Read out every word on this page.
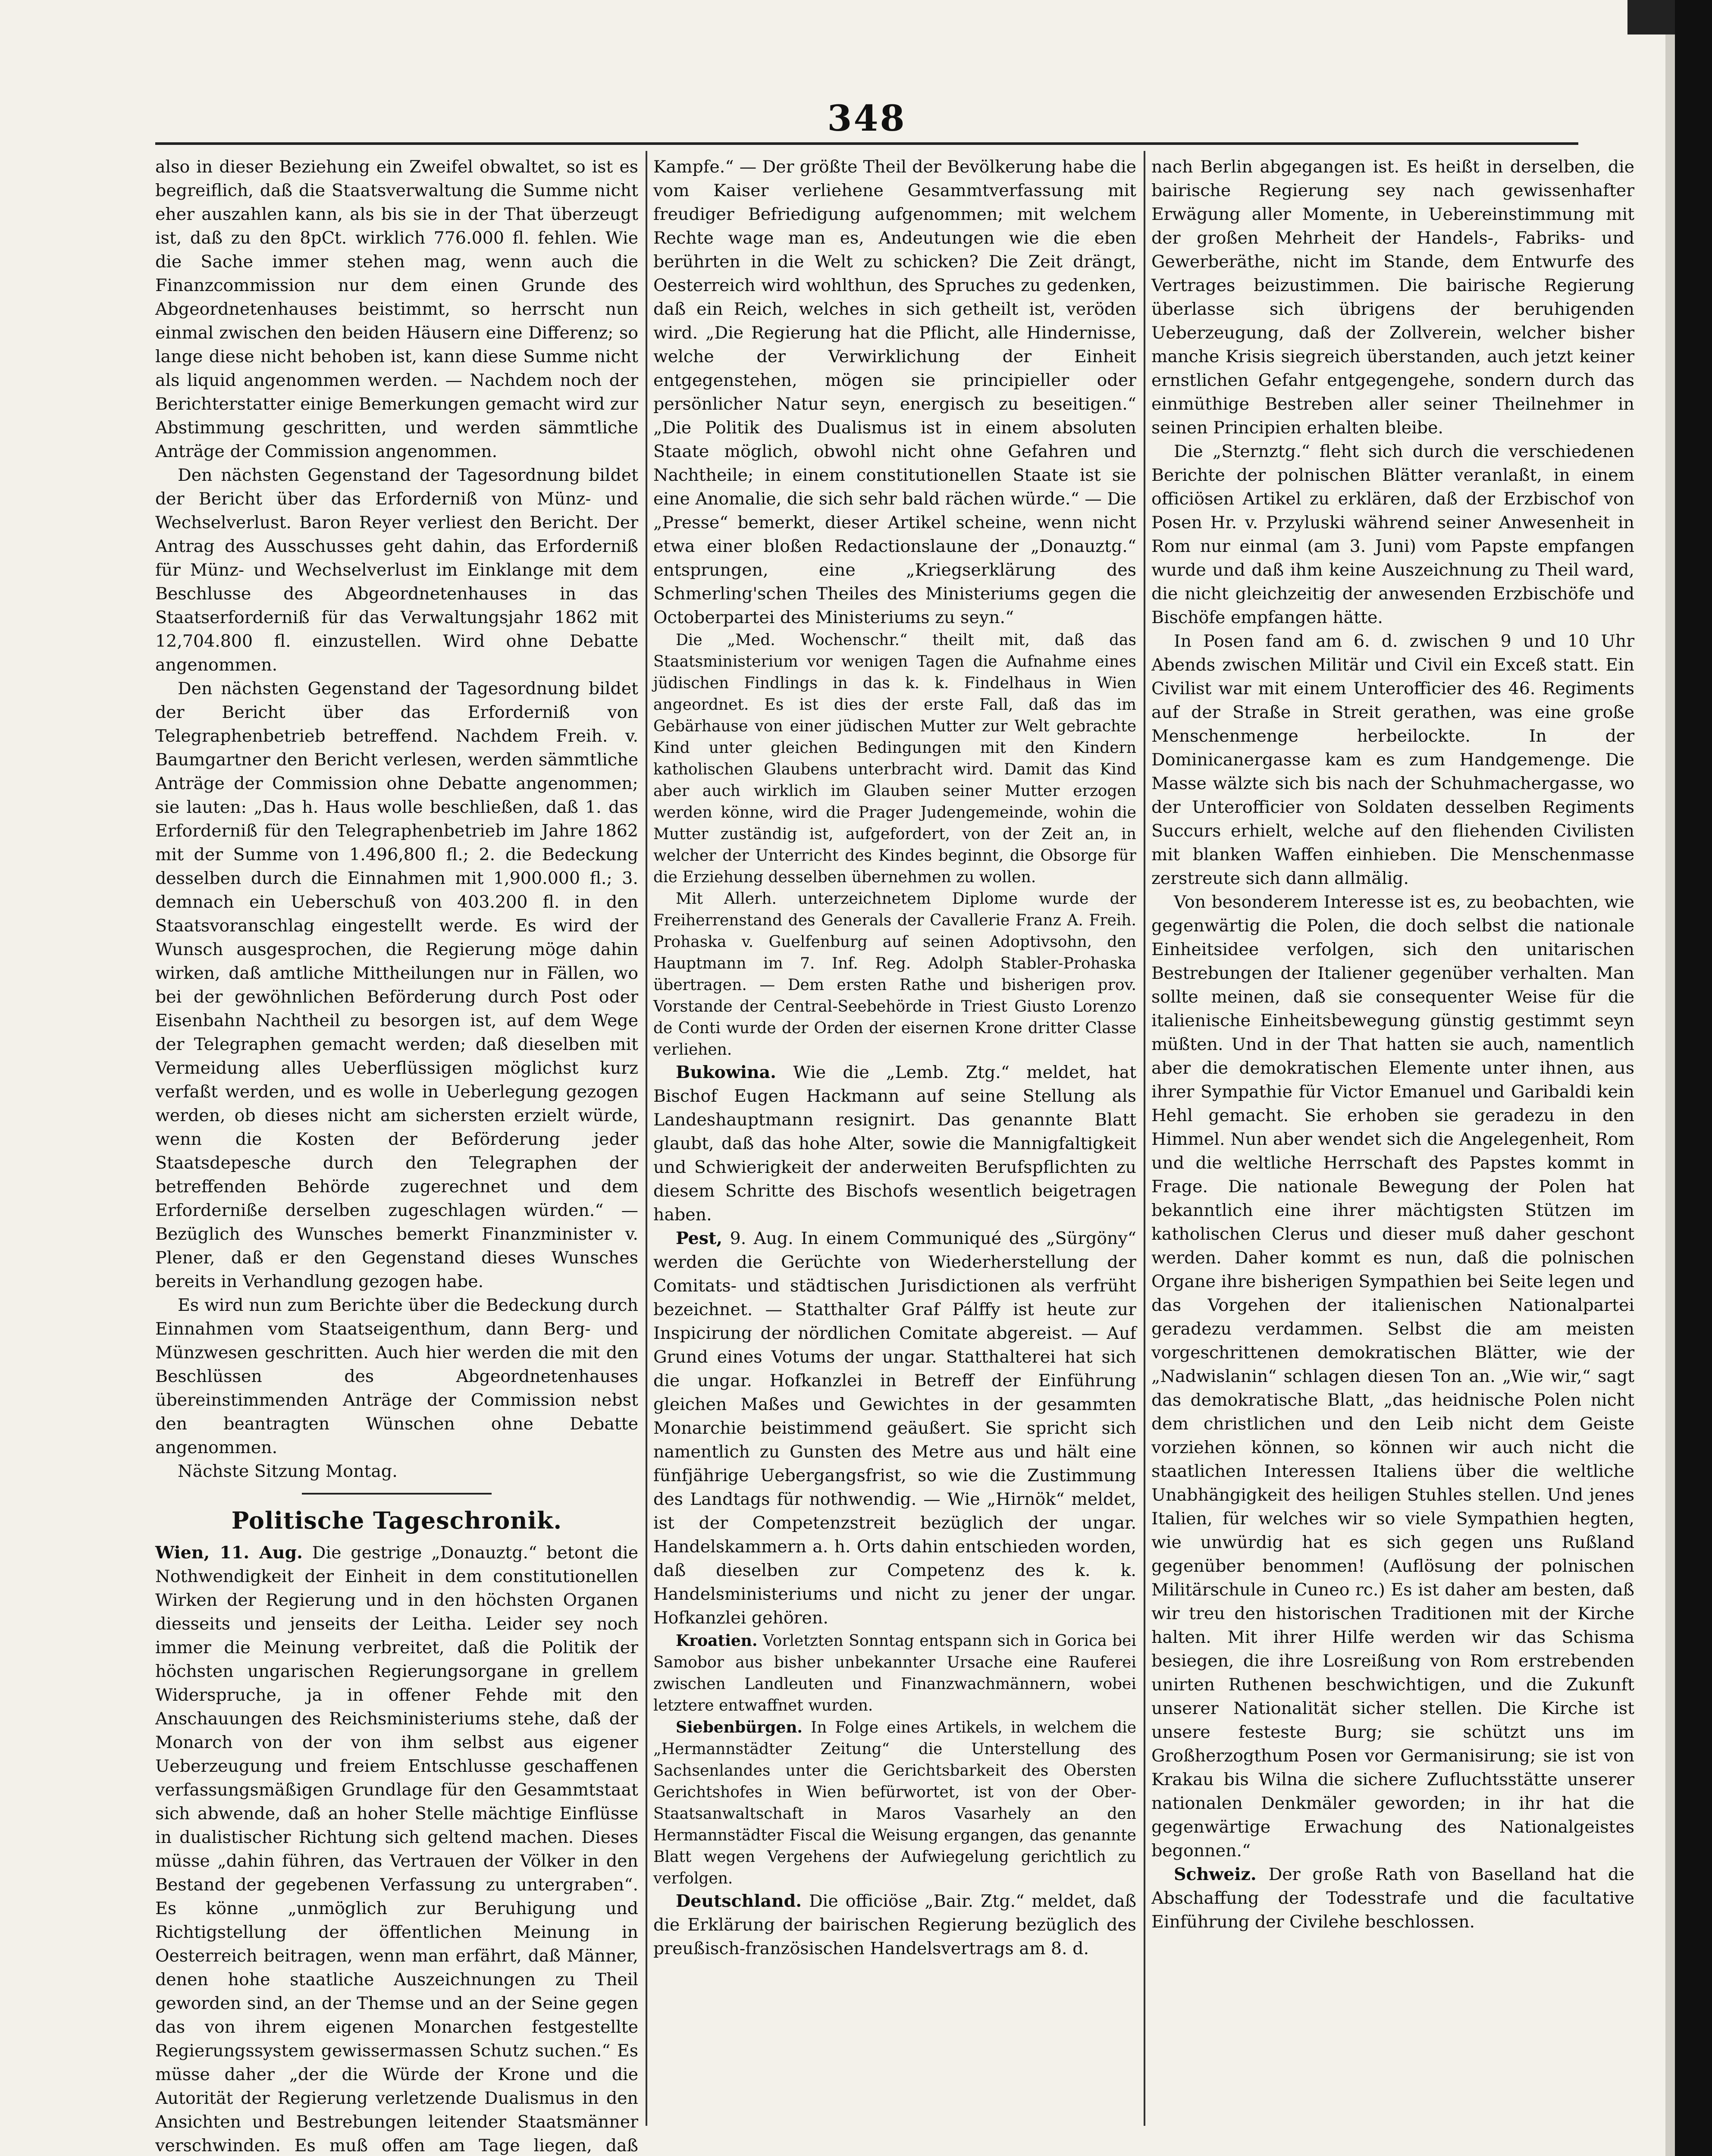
348

also in dieser Beziehung ein Zweifel obwaltet, so ist es begreiflich, daß die Staatsverwaltung die Summe nicht eher auszahlen kann, als bis sie in der That überzeugt ist, daß zu den 8pCt. wirklich 776.000 fl. fehlen. Wie die Sache immer stehen mag, wenn auch die Finanzcommission nur dem einen Grunde des Abgeordnetenhauses beistimmt, so herrscht nun einmal zwischen den beiden Häusern eine Differenz; so lange diese nicht behoben ist, kann diese Summe nicht als liquid angenommen werden. — Nachdem noch der Berichterstatter einige Bemerkungen gemacht wird zur Abstimmung geschritten, und werden sämmtliche Anträge der Commission angenommen.

Den nächsten Gegenstand der Tagesordnung bildet der Bericht über das Erforderniß von Münz- und Wechselverlust. Baron Reyer verliest den Bericht. Der Antrag des Ausschusses geht dahin, das Erforderniß für Münz- und Wechselverlust im Einklange mit dem Beschlusse des Abgeordnetenhauses in das Staatserforderniß für das Verwaltungsjahr 1862 mit 12,704.800 fl. einzustellen. Wird ohne Debatte angenommen.

Den nächsten Gegenstand der Tagesordnung bildet der Bericht über das Erforderniß von Telegraphenbetrieb betreffend. Nachdem Freih. v. Baumgartner den Bericht verlesen, werden sämmtliche Anträge der Commission ohne Debatte angenommen; sie lauten: „Das h. Haus wolle beschließen, daß 1. das Erforderniß für den Telegraphenbetrieb im Jahre 1862 mit der Summe von 1.496,800 fl.; 2. die Bedeckung desselben durch die Einnahmen mit 1,900.000 fl.; 3. demnach ein Ueberschuß von 403.200 fl. in den Staatsvoranschlag eingestellt werde. Es wird der Wunsch ausgesprochen, die Regierung möge dahin wirken, daß amtliche Mittheilungen nur in Fällen, wo bei der gewöhnlichen Beförderung durch Post oder Eisenbahn Nachtheil zu besorgen ist, auf dem Wege der Telegraphen gemacht werden; daß dieselben mit Vermeidung alles Ueberflüssigen möglichst kurz verfaßt werden, und es wolle in Ueberlegung gezogen werden, ob dieses nicht am sichersten erzielt würde, wenn die Kosten der Beförderung jeder Staatsdepesche durch den Telegraphen der betreffenden Behörde zugerechnet und dem Erforderniße derselben zugeschlagen würden.“ — Bezüglich des Wunsches bemerkt Finanzminister v. Plener, daß er den Gegenstand dieses Wunsches bereits in Verhandlung gezogen habe.

Es wird nun zum Berichte über die Bedeckung durch Einnahmen vom Staatseigenthum, dann Berg- und Münzwesen geschritten. Auch hier werden die mit den Beschlüssen des Abgeordnetenhauses übereinstimmenden Anträge der Commission nebst den beantragten Wünschen ohne Debatte angenommen.

Nächste Sitzung Montag.

Politische Tageschronik.

Wien, 11. Aug. Die gestrige „Donauztg.“ betont die Nothwendigkeit der Einheit in dem constitutionellen Wirken der Regierung und in den höchsten Organen diesseits und jenseits der Leitha. Leider sey noch immer die Meinung verbreitet, daß die Politik der höchsten ungarischen Regierungsorgane in grellem Widerspruche, ja in offener Fehde mit den Anschauungen des Reichsministeriums stehe, daß der Monarch von der von ihm selbst aus eigener Ueberzeugung und freiem Entschlusse geschaffenen verfassungsmäßigen Grundlage für den Gesammtstaat sich abwende, daß an hoher Stelle mächtige Einflüsse in dualistischer Richtung sich geltend machen. Dieses müsse „dahin führen, das Vertrauen der Völker in den Bestand der gegebenen Verfassung zu untergraben“. Es könne „unmöglich zur Beruhigung und Richtigstellung der öffentlichen Meinung in Oesterreich beitragen, wenn man erfährt, daß Männer, denen hohe staatliche Auszeichnungen zu Theil geworden sind, an der Themse und an der Seine gegen das von ihrem eigenen Monarchen festgestellte Regierungssystem gewissermassen Schutz suchen.“ Es müsse daher „der die Würde der Krone und die Autorität der Regierung verletzende Dualismus in den Ansichten und Bestrebungen leitender Staatsmänner verschwinden. Es muß offen am Tage liegen, daß

Kampfe.“ — Der größte Theil der Bevölkerung habe die vom Kaiser verliehene Gesammtverfassung mit freudiger Befriedigung aufgenommen; mit welchem Rechte wage man es, Andeutungen wie die eben berührten in die Welt zu schicken? Die Zeit drängt, Oesterreich wird wohlthun, des Spruches zu gedenken, daß ein Reich, welches in sich getheilt ist, veröden wird. „Die Regierung hat die Pflicht, alle Hindernisse, welche der Verwirklichung der Einheit entgegenstehen, mögen sie principieller oder persönlicher Natur seyn, energisch zu beseitigen.“ „Die Politik des Dualismus ist in einem absoluten Staate möglich, obwohl nicht ohne Gefahren und Nachtheile; in einem constitutionellen Staate ist sie eine Anomalie, die sich sehr bald rächen würde.“ — Die „Presse“ bemerkt, dieser Artikel scheine, wenn nicht etwa einer bloßen Redactionslaune der „Donauztg.“ entsprungen, eine „Kriegserklärung des Schmerling'schen Theiles des Ministeriums gegen die Octoberpartei des Ministeriums zu seyn.“

Die „Med. Wochenschr.“ theilt mit, daß das Staatsministerium vor wenigen Tagen die Aufnahme eines jüdischen Findlings in das k. k. Findelhaus in Wien angeordnet. Es ist dies der erste Fall, daß das im Gebärhause von einer jüdischen Mutter zur Welt gebrachte Kind unter gleichen Bedingungen mit den Kindern katholischen Glaubens unterbracht wird. Damit das Kind aber auch wirklich im Glauben seiner Mutter erzogen werden könne, wird die Prager Judengemeinde, wohin die Mutter zuständig ist, aufgefordert, von der Zeit an, in welcher der Unterricht des Kindes beginnt, die Obsorge für die Erziehung desselben übernehmen zu wollen.

Mit Allerh. unterzeichnetem Diplome wurde der Freiherrenstand des Generals der Cavallerie Franz A. Freih. Prohaska v. Guelfenburg auf seinen Adoptivsohn, den Hauptmann im 7. Inf. Reg. Adolph Stabler-Prohaska übertragen. — Dem ersten Rathe und bisherigen prov. Vorstande der Central-Seebehörde in Triest Giusto Lorenzo de Conti wurde der Orden der eisernen Krone dritter Classe verliehen.

Bukowina. Wie die „Lemb. Ztg.“ meldet, hat Bischof Eugen Hackmann auf seine Stellung als Landeshauptmann resignirt. Das genannte Blatt glaubt, daß das hohe Alter, sowie die Mannigfaltigkeit und Schwierigkeit der anderweiten Berufspflichten zu diesem Schritte des Bischofs wesentlich beigetragen haben.

Pest, 9. Aug. In einem Communiqué des „Sürgöny“ werden die Gerüchte von Wiederherstellung der Comitats- und städtischen Jurisdictionen als verfrüht bezeichnet. — Statthalter Graf Pálffy ist heute zur Inspicirung der nördlichen Comitate abgereist. — Auf Grund eines Votums der ungar. Statthalterei hat sich die ungar. Hofkanzlei in Betreff der Einführung gleichen Maßes und Gewichtes in der gesammten Monarchie beistimmend geäußert. Sie spricht sich namentlich zu Gunsten des Metre aus und hält eine fünfjährige Uebergangsfrist, so wie die Zustimmung des Landtags für nothwendig. — Wie „Hirnök“ meldet, ist der Competenzstreit bezüglich der ungar. Handelskammern a. h. Orts dahin entschieden worden, daß dieselben zur Competenz des k. k. Handelsministeriums und nicht zu jener der ungar. Hofkanzlei gehören.

Kroatien. Vorletzten Sonntag entspann sich in Gorica bei Samobor aus bisher unbekannter Ursache eine Rauferei zwischen Landleuten und Finanzwachmännern, wobei letztere entwaffnet wurden.

Siebenbürgen. In Folge eines Artikels, in welchem die „Hermannstädter Zeitung“ die Unterstellung des Sachsenlandes unter die Gerichtsbarkeit des Obersten Gerichtshofes in Wien befürwortet, ist von der Ober-Staatsanwaltschaft in Maros Vasarhely an den Hermannstädter Fiscal die Weisung ergangen, das genannte Blatt wegen Vergehens der Aufwiegelung gerichtlich zu verfolgen.

Deutschland. Die officiöse „Bair. Ztg.“ meldet, daß die Erklärung der bairischen Regierung bezüglich des preußisch-französischen Handelsvertrags am 8. d.

nach Berlin abgegangen ist. Es heißt in derselben, die bairische Regierung sey nach gewissenhafter Erwägung aller Momente, in Uebereinstimmung mit der großen Mehrheit der Handels-, Fabriks- und Gewerberäthe, nicht im Stande, dem Entwurfe des Vertrages beizustimmen. Die bairische Regierung überlasse sich übrigens der beruhigenden Ueberzeugung, daß der Zollverein, welcher bisher manche Krisis siegreich überstanden, auch jetzt keiner ernstlichen Gefahr entgegengehe, sondern durch das einmüthige Bestreben aller seiner Theilnehmer in seinen Principien erhalten bleibe.

Die „Sternztg.“ fleht sich durch die verschiedenen Berichte der polnischen Blätter veranlaßt, in einem officiösen Artikel zu erklären, daß der Erzbischof von Posen Hr. v. Przyluski während seiner Anwesenheit in Rom nur einmal (am 3. Juni) vom Papste empfangen wurde und daß ihm keine Auszeichnung zu Theil ward, die nicht gleichzeitig der anwesenden Erzbischöfe und Bischöfe empfangen hätte.

In Posen fand am 6. d. zwischen 9 und 10 Uhr Abends zwischen Militär und Civil ein Exceß statt. Ein Civilist war mit einem Unterofficier des 46. Regiments auf der Straße in Streit gerathen, was eine große Menschenmenge herbeilockte. In der Dominicanergasse kam es zum Handgemenge. Die Masse wälzte sich bis nach der Schuhmachergasse, wo der Unterofficier von Soldaten desselben Regiments Succurs erhielt, welche auf den fliehenden Civilisten mit blanken Waffen einhieben. Die Menschenmasse zerstreute sich dann allmälig.

Von besonderem Interesse ist es, zu beobachten, wie gegenwärtig die Polen, die doch selbst die nationale Einheitsidee verfolgen, sich den unitarischen Bestrebungen der Italiener gegenüber verhalten. Man sollte meinen, daß sie consequenter Weise für die italienische Einheitsbewegung günstig gestimmt seyn müßten. Und in der That hatten sie auch, namentlich aber die demokratischen Elemente unter ihnen, aus ihrer Sympathie für Victor Emanuel und Garibaldi kein Hehl gemacht. Sie erhoben sie geradezu in den Himmel. Nun aber wendet sich die Angelegenheit, Rom und die weltliche Herrschaft des Papstes kommt in Frage. Die nationale Bewegung der Polen hat bekanntlich eine ihrer mächtigsten Stützen im katholischen Clerus und dieser muß daher geschont werden. Daher kommt es nun, daß die polnischen Organe ihre bisherigen Sympathien bei Seite legen und das Vorgehen der italienischen Nationalpartei geradezu verdammen. Selbst die am meisten vorgeschrittenen demokratischen Blätter, wie der „Nadwislanin“ schlagen diesen Ton an. „Wie wir,“ sagt das demokratische Blatt, „das heidnische Polen nicht dem christlichen und den Leib nicht dem Geiste vorziehen können, so können wir auch nicht die staatlichen Interessen Italiens über die weltliche Unabhängigkeit des heiligen Stuhles stellen. Und jenes Italien, für welches wir so viele Sympathien hegten, wie unwürdig hat es sich gegen uns Rußland gegenüber benommen! (Auflösung der polnischen Militärschule in Cuneo rc.) Es ist daher am besten, daß wir treu den historischen Traditionen mit der Kirche halten. Mit ihrer Hilfe werden wir das Schisma besiegen, die ihre Losreißung von Rom erstrebenden unirten Ruthenen beschwichtigen, und die Zukunft unserer Nationalität sicher stellen. Die Kirche ist unsere festeste Burg; sie schützt uns im Großherzogthum Posen vor Germanisirung; sie ist von Krakau bis Wilna die sichere Zufluchtsstätte unserer nationalen Denkmäler geworden; in ihr hat die gegenwärtige Erwachung des Nationalgeistes begonnen.“

Schweiz. Der große Rath von Baselland hat die Abschaffung der Todesstrafe und die facultative Einführung der Civilehe beschlossen.
